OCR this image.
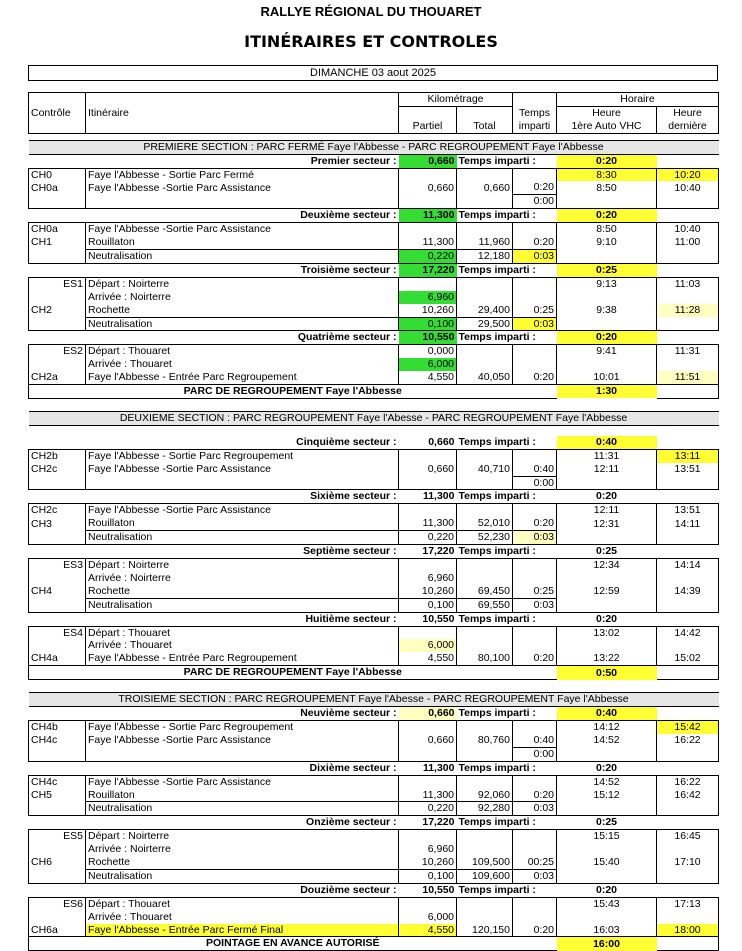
RALLYE RÉGIONAL DU THOUARET
ITINÉRAIRES ET CONTROLES
DIMANCHE 03 aout 2025
		Kilométrage			Horaire	
Contrôle	Itinéraire			Temps	Heure	Heure
		Partiel	Total	imparti	1ère Auto VHC	dernière

PREMIERE SECTION : PARC FERMÉ Faye l'Abbesse - PARC REGROUPEMENT Faye l'Abbesse						
Premier secteur :		0,660	Temps imparti :		0:20	
CH0	Faye l'Abbesse - Sortie Parc Fermé				8:30	10:20
CH0a	Faye l'Abbesse -Sortie Parc Assistance	0,660	0,660	0:20	8:50	10:40
				0:00		
Deuxième secteur :		11,300	Temps imparti :		0:20	
CH0a	Faye l'Abbesse -Sortie Parc Assistance				8:50	10:40
CH1	Rouillaton	11,300	11,960	0:20	9:10	11:00
	Neutralisation	0,220	12,180	0:03		
Troisième secteur :		17,220	Temps imparti :		0:25	
ES1	Départ : Noirterre				9:13	11:03
	Arrivée : Noirterre	6,960				
CH2	Rochette	10,260	29,400	0:25	9:38	11:28
	Neutralisation	0,100	29,500	0:03		
Quatrième secteur :		10,550	Temps imparti :		0:20	
ES2	Départ : Thouaret	0,000			9:41	11:31
	Arrivée : Thouaret	6,000				
CH2a	Faye l'Abbesse - Entrée Parc Regroupement	4,550	40,050	0:20	10:01	11:51
PARC DE REGROUPEMENT Faye l'Abbesse					1:30	

DEUXIEME SECTION : PARC REGROUPEMENT Faye l'Abesse - PARC REGROUPEMENT Faye l'Abbesse						

Cinquième secteur :		0,660	Temps imparti :		0:40	
CH2b	Faye l'Abbesse - Sortie Parc Regroupement				11:31	13:11
CH2c	Faye l'Abbesse -Sortie Parc Assistance	0,660	40,710	0:40	12:11	13:51
				0:00		
Sixième secteur :		11,300	Temps imparti :		0:20	
CH2c	Faye l'Abbesse -Sortie Parc Assistance				12:11	13:51
CH3	Rouillaton	11,300	52,010	0:20	12:31	14:11
	Neutralisation	0,220	52,230	0:03		
Septième secteur :		17,220	Temps imparti :		0:25	
ES3	Départ : Noirterre				12:34	14:14
	Arrivée : Noirterre	6,960				
CH4	Rochette	10,260	69,450	0:25	12:59	14:39
	Neutralisation	0,100	69,550	0:03		
Huitième secteur :		10,550	Temps imparti :		0:20	
ES4	Départ : Thouaret				13:02	14:42
	Arrivée : Thouaret	6,000				
CH4a	Faye l'Abbesse - Entrée Parc Regroupement	4,550	80,100	0:20	13:22	15:02
PARC DE REGROUPEMENT Faye l'Abbesse					0:50	

TROISIEME SECTION : PARC REGROUPEMENT Faye l'Abesse - PARC REGROUPEMENT Faye l'Abbesse						
Neuvième secteur :		0,660	Temps imparti :		0:40	
CH4b	Faye l'Abbesse - Sortie Parc Regroupement				14:12	15:42
CH4c	Faye l'Abbesse -Sortie Parc Assistance	0,660	80,760	0:40	14:52	16:22
				0:00		
Dixième secteur :		11,300	Temps imparti :		0:20	
CH4c	Faye l'Abbesse -Sortie Parc Assistance				14:52	16:22
CH5	Rouillaton	11,300	92,060	0:20	15:12	16:42
	Neutralisation	0,220	92,280	0:03		
Onzième secteur :		17,220	Temps imparti :		0:25	
ES5	Départ : Noirterre				15:15	16:45
	Arrivée : Noirterre	6,960				
CH6	Rochette	10,260	109,500	00:25	15:40	17:10
	Neutralisation	0,100	109,600	0:03		
Douzième secteur :		10,550	Temps imparti :		0:20	
ES6	Départ : Thouaret				15:43	17:13
	Arrivée : Thouaret	6,000				
CH6a	Faye l'Abbesse - Entrée Parc Fermé Final	4,550	120,150	0:20	16:03	18:00
POINTAGE EN AVANCE AUTORISÉ					16:00	
